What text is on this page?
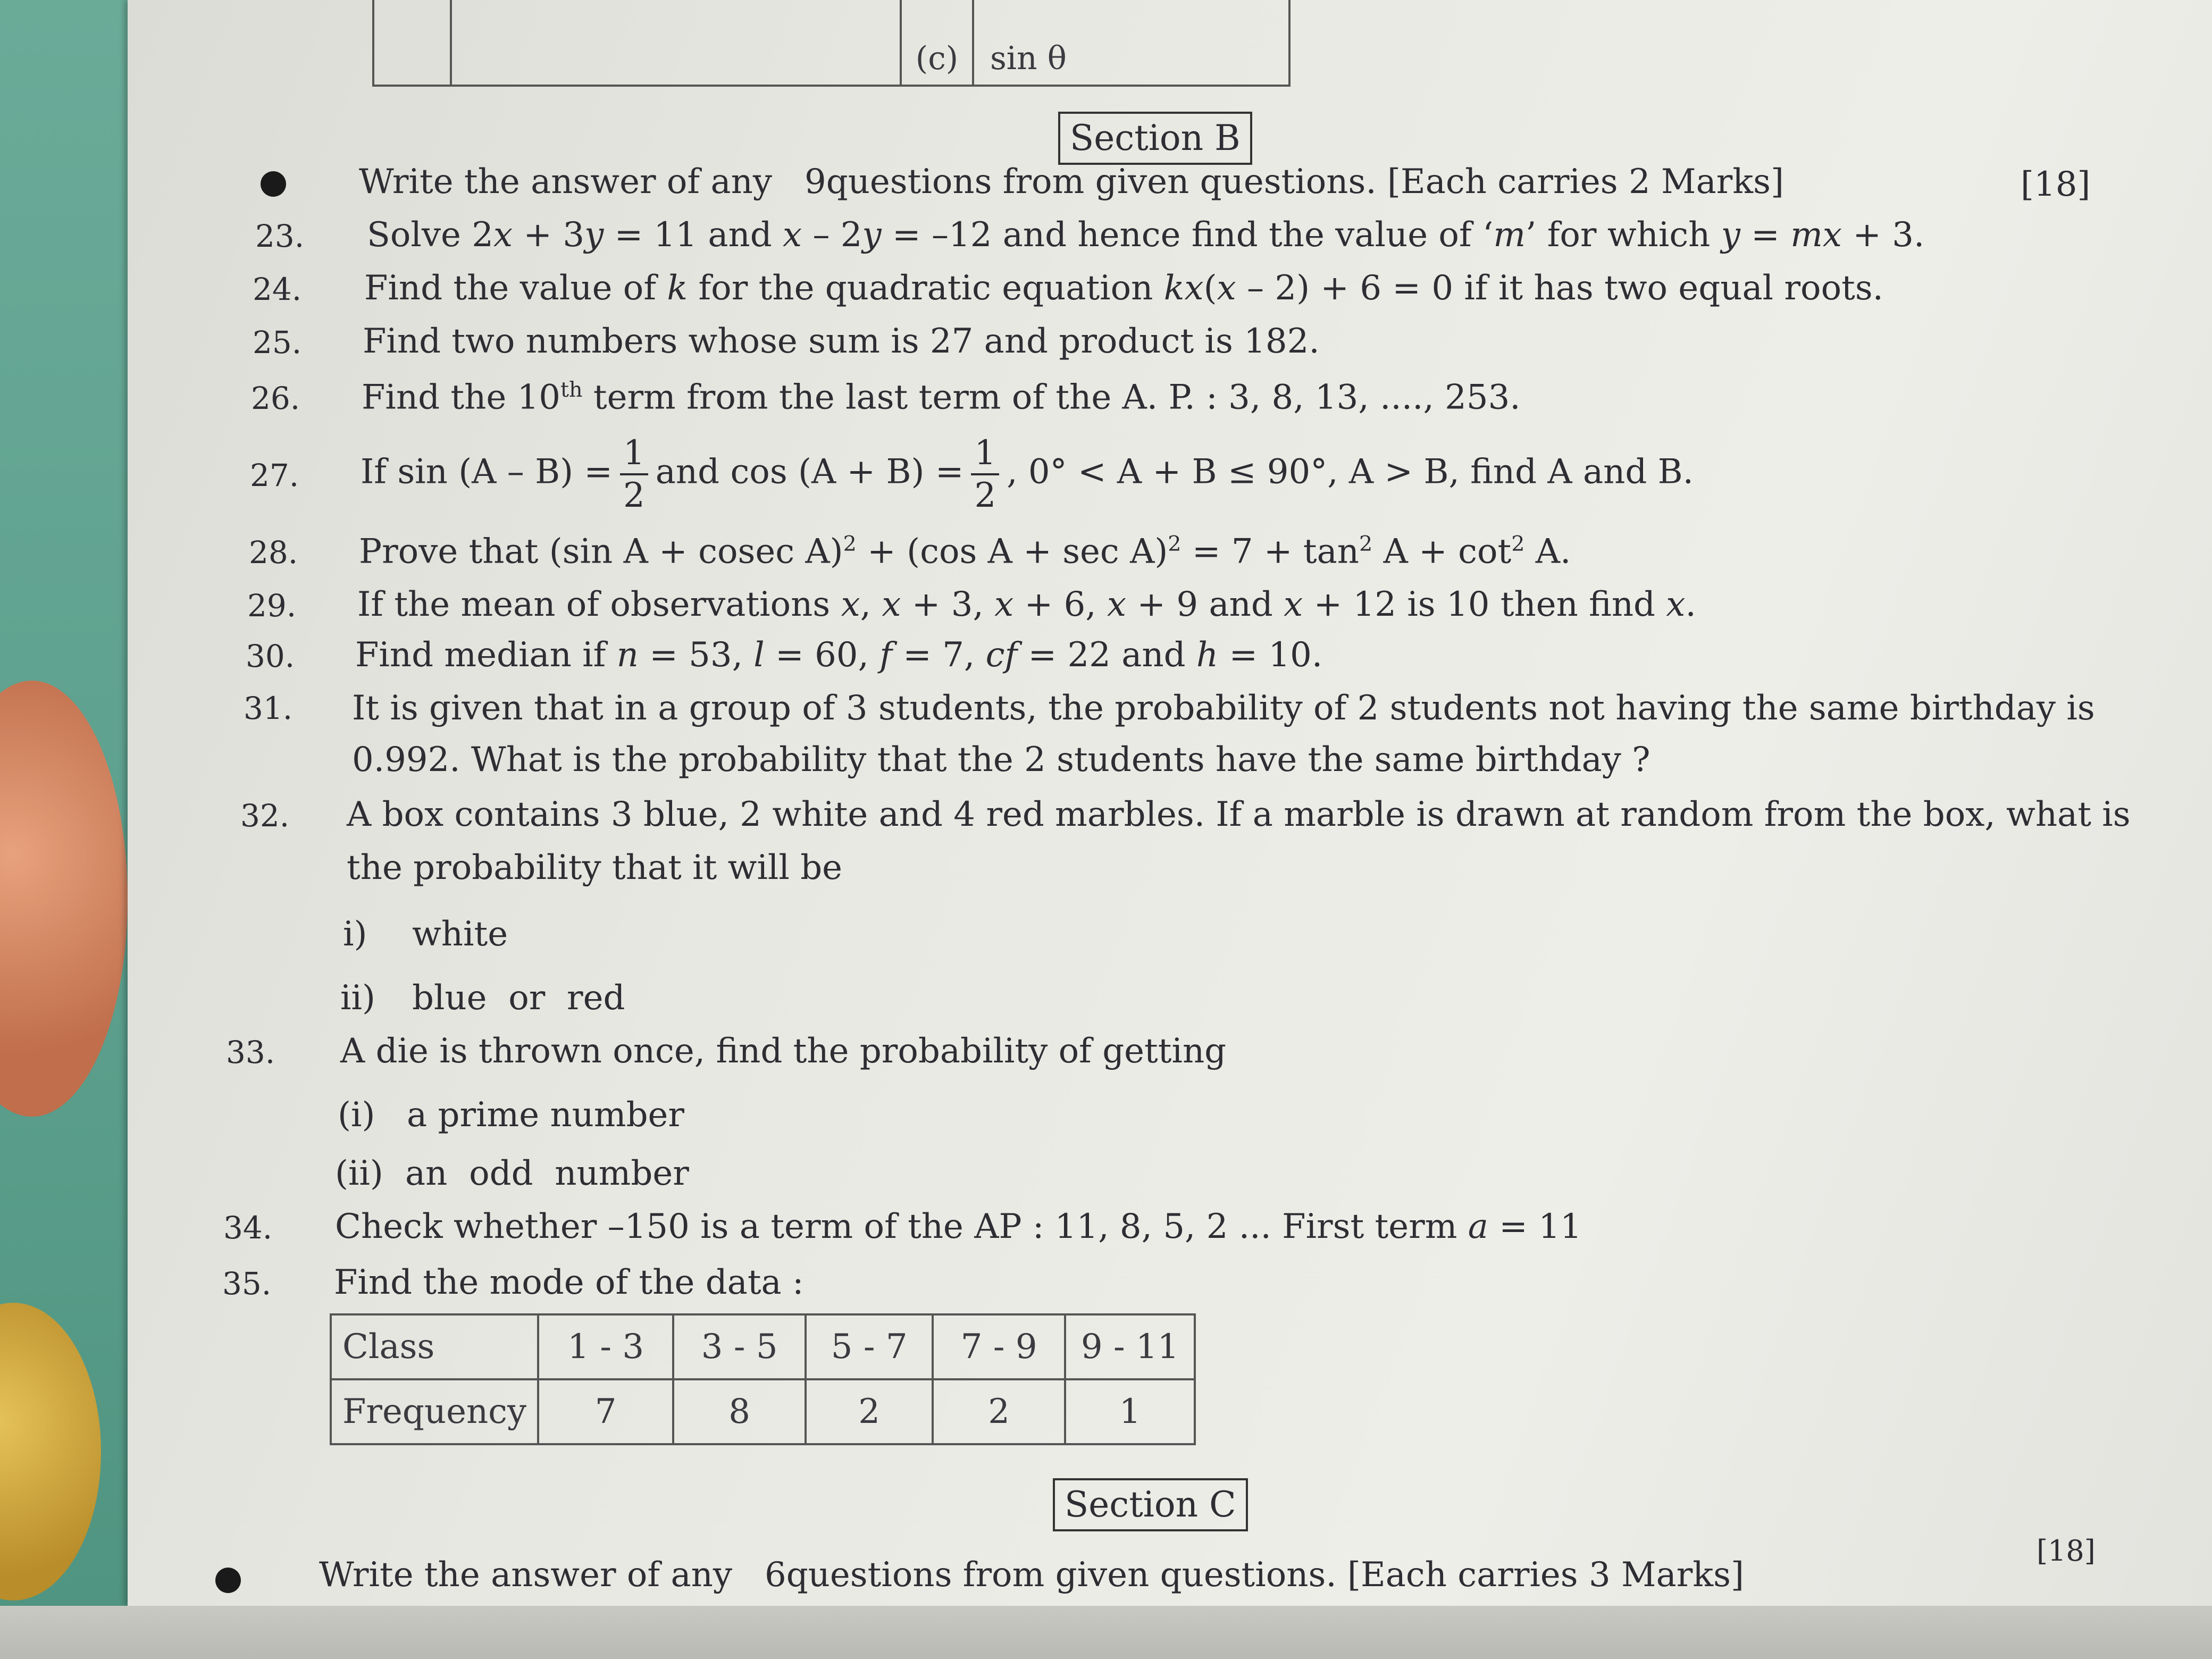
		(c)	sin θ
Section B
Write the answer of any 9questions from given questions. [Each carries 2 Marks]	[18]
23. Solve 2x + 3y = 11 and x – 2y = –12 and hence find the value of ‘m’ for which y = mx + 3.
24. Find the value of k for the quadratic equation kx(x – 2) + 6 = 0 if it has two equal roots.
25. Find two numbers whose sum is 27 and product is 182.
26. Find the 10th term from the last term of the A. P. : 3, 8, 13, ...., 253.
27. If $\sin (A - B) = \frac{1}{2}$ and $\cos (A + B) = \frac{1}{2}$ , 0° < A + B ≤ 90°, A > B, find A and B.
28. Prove that (sin A + cosec A)$^2$ + (cos $A + \sec A)^2 = 7 + \tan^2 A + \cot^2 A$.
29. If the mean of observations x, x + 3, x + 6, x + 9 and x + 12 is 10 then find x.
30. Find median if n = 53, l = 60, f = 7, cf = 22 and h = 10.
31. It is given that in a group of 3 students, the probability of 2 students not having the same birthday is
0.992. What is the probability that the 2 students have the same birthday ?
32. A box contains 3 blue, 2 white and 4 red marbles. If a marble is drawn at random from the box, what is
the probability that it will be
i) white
ii) blue  or  red
33. A die is thrown once, find the probability of getting
(i) a prime number
(ii) an  odd  number
34. Check whether –150 is a term of the AP : 11, 8, 5, 2 ... First term a = 11
35. Find the mode of the data :
Class	1 - 3	3 - 5	5 - 7	7 - 9	9 - 11
Frequency	7	8	2	2	1
Section C
Write the answer of any 6questions from given questions. [Each carries 3 Marks]
[18]
